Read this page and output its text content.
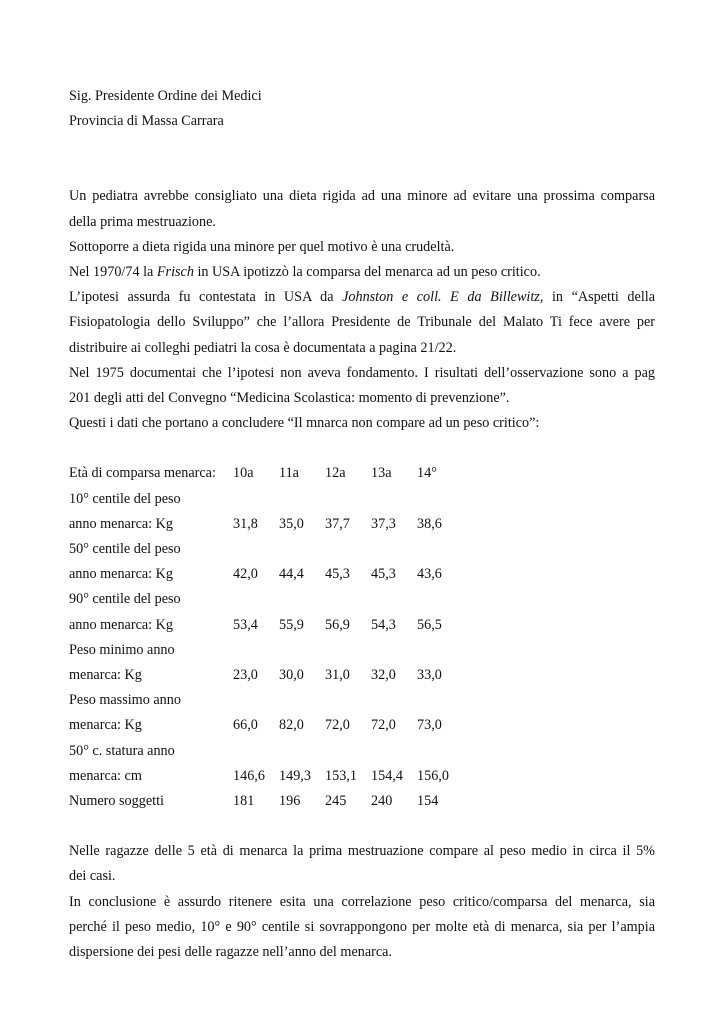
Sig. Presidente Ordine dei Medici
Provincia di Massa Carrara
Un pediatra avrebbe consigliato una dieta rigida ad una minore ad evitare una prossima comparsa
della prima mestruazione.
Sottoporre a dieta rigida una minore per quel motivo è una crudeltà.
Nel 1970/74 la Frisch in USA ipotizzò la comparsa del menarca ad un peso critico.
L’ipotesi assurda fu contestata in USA da Johnston e coll. E da Billewitz, in “Aspetti della
Fisiopatologia dello Sviluppo” che l’allora Presidente de Tribunale del Malato Ti fece avere per
distribuire ai colleghi pediatri la cosa è documentata a pagina 21/22.
Nel 1975 documentai che l’ipotesi non aveva fondamento. I risultati dell’osservazione sono a pag
201 degli atti del Convegno “Medicina Scolastica: momento di prevenzione”.
Questi i dati che portano a concludere “Il mnarca non compare ad un peso critico”:
Età di comparsa menarca:	10a	11a	12a	13a	14°
10° centile del peso					
anno menarca: Kg	31,8	35,0	37,7	37,3	38,6
50° centile del peso					
anno menarca: Kg	42,0	44,4	45,3	45,3	43,6
90° centile del peso					
anno menarca: Kg	53,4	55,9	56,9	54,3	56,5
Peso minimo anno					
menarca: Kg	23,0	30,0	31,0	32,0	33,0
Peso massimo anno					
menarca: Kg	66,0	82,0	72,0	72,0	73,0
50° c. statura anno					
menarca: cm	146,6	149,3	153,1	154,4	156,0
Numero soggetti	181	196	245	240	154
Nelle ragazze delle 5 età di menarca la prima mestruazione compare al peso medio in circa il 5%
dei casi.
In conclusione è assurdo ritenere esita una correlazione peso critico/comparsa del menarca, sia
perché il peso medio, 10° e 90° centile si sovrappongono per molte età di menarca, sia per l’ampia
dispersione dei pesi delle ragazze nell’anno del menarca.
